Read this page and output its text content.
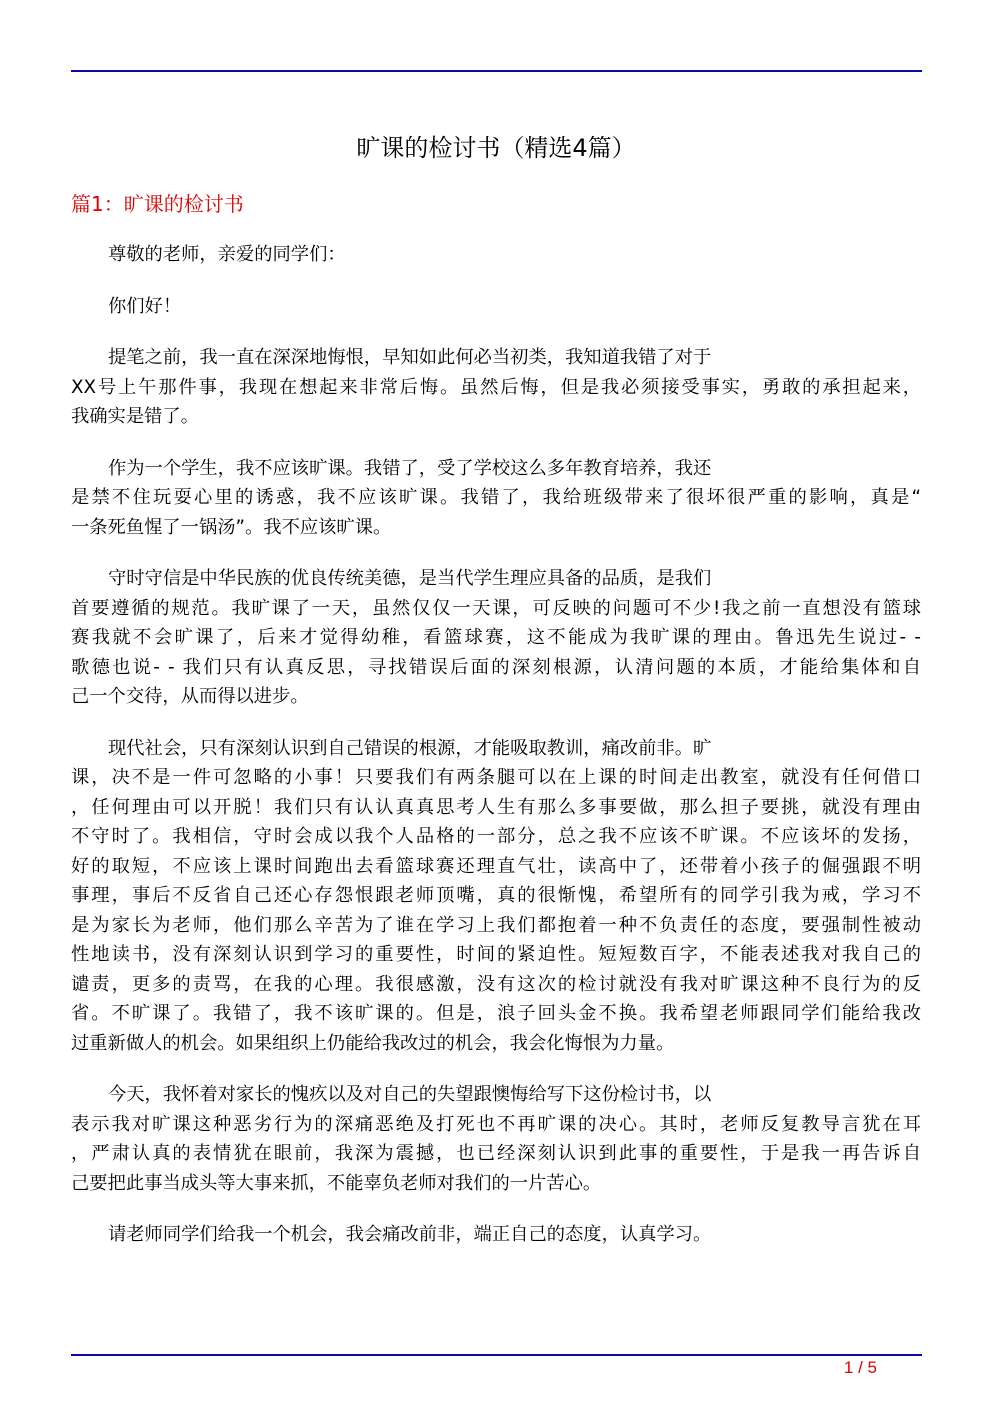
旷课的检讨书（精选4篇）
篇1：旷课的检讨书
尊敬的老师，亲爱的同学们：
你们好！
提笔之前，我一直在深深地悔恨，早知如此何必当初类，我知道我错了对于
XX号上午那件事，我现在想起来非常后悔。虽然后悔，但是我必须接受事实，勇敢的承担起来，
我确实是错了。
作为一个学生，我不应该旷课。我错了，受了学校这么多年教育培养，我还
是禁不住玩耍心里的诱惑，我不应该旷课。我错了，我给班级带来了很坏很严重的影响，真是“
一条死鱼惺了一锅汤”。我不应该旷课。
守时守信是中华民族的优良传统美德，是当代学生理应具备的品质，是我们
首要遵循的规范。我旷课了一天，虽然仅仅一天课，可反映的问题可不少!我之前一直想没有篮球
赛我就不会旷课了，后来才觉得幼稚，看篮球赛，这不能成为我旷课的理由。鲁迅先生说过- -
歌德也说- - 我们只有认真反思，寻找错误后面的深刻根源，认清问题的本质，才能给集体和自
己一个交待，从而得以进步。
现代社会，只有深刻认识到自己错误的根源，才能吸取教训，痛改前非。旷
课，决不是一件可忽略的小事！只要我们有两条腿可以在上课的时间走出教室，就没有任何借口
，任何理由可以开脱！我们只有认认真真思考人生有那么多事要做，那么担子要挑，就没有理由
不守时了。我相信，守时会成以我个人品格的一部分，总之我不应该不旷课。不应该坏的发扬，
好的取短，不应该上课时间跑出去看篮球赛还理直气壮，读高中了，还带着小孩子的倔强跟不明
事理，事后不反省自己还心存怨恨跟老师顶嘴，真的很惭愧，希望所有的同学引我为戒，学习不
是为家长为老师，他们那么辛苦为了谁在学习上我们都抱着一种不负责任的态度，要强制性被动
性地读书，没有深刻认识到学习的重要性，时间的紧迫性。短短数百字，不能表述我对我自己的
谴责，更多的责骂，在我的心理。我很感激，没有这次的检讨就没有我对旷课这种不良行为的反
省。不旷课了。我错了，我不该旷课的。但是，浪子回头金不换。我希望老师跟同学们能给我改
过重新做人的机会。如果组织上仍能给我改过的机会，我会化悔恨为力量。
今天，我怀着对家长的愧疚以及对自己的失望跟懊悔给写下这份检讨书，以
表示我对旷课这种恶劣行为的深痛恶绝及打死也不再旷课的决心。其时，老师反复教导言犹在耳
，严肃认真的表情犹在眼前，我深为震撼，也已经深刻认识到此事的重要性，于是我一再告诉自
己要把此事当成头等大事来抓，不能辜负老师对我们的一片苦心。
请老师同学们给我一个机会，我会痛改前非，端正自己的态度，认真学习。
1 / 5
